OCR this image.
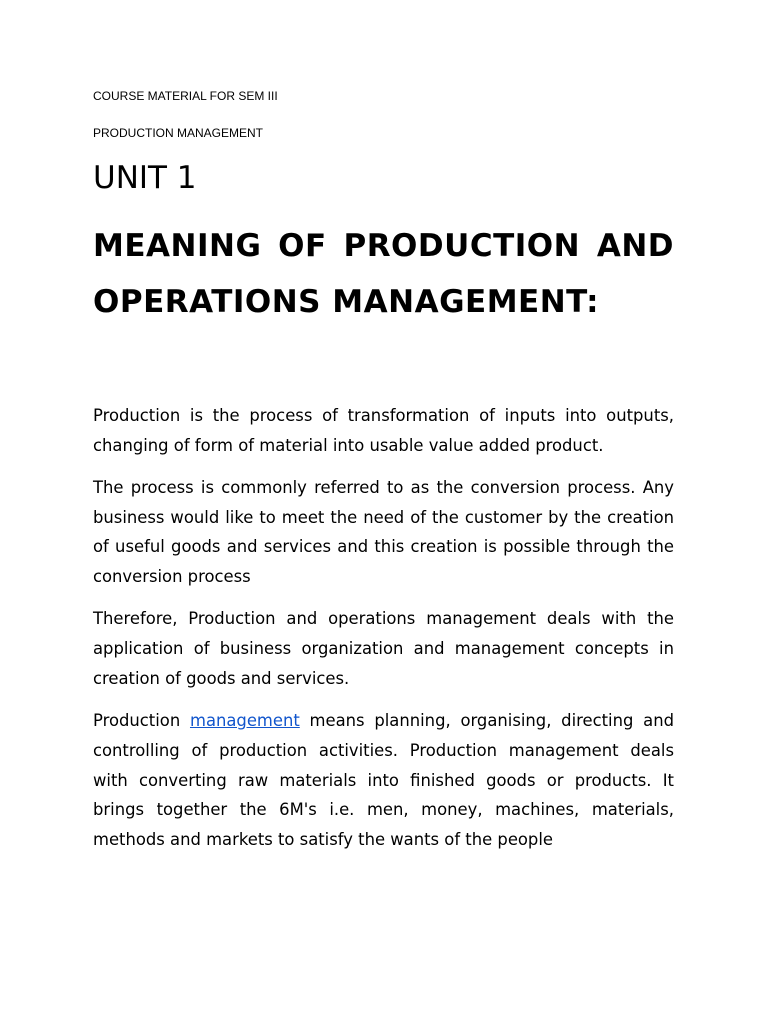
COURSE MATERIAL FOR SEM III

PRODUCTION MANAGEMENT

UNIT 1
MEANING OF PRODUCTION AND OPERATIONS MANAGEMENT:

Production is the process of transformation of inputs into outputs, changing of form of material into usable value added product.

The process is commonly referred to as the conversion process. Any business would like to meet the need of the customer by the creation of useful goods and services and this creation is possible through the conversion process

Therefore, Production and operations management deals with the application of business organization and management concepts in creation of goods and services.

Production management means planning, organising, directing and controlling of production activities. Production management deals with converting raw materials into finished goods or products. It brings together the 6M's i.e. men, money, machines, materials, methods and markets to satisfy the wants of the people
